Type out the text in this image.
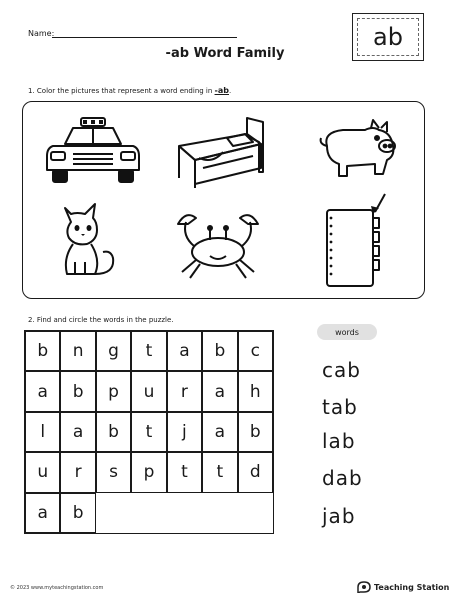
Name:
-ab Word Family
ab
1. Color the pictures that represent a word ending in -ab.
2. Find and circle the words in the puzzle.
b	n	g	t	a	b	c
a	b	p	u	r	a	h
l	a	b	t	j	a	b
u	r	s	p	t	t	d
a	b
words
cab
tab
lab
dab
jab
© 2023 www.myteachingstation.com	Teaching Station
